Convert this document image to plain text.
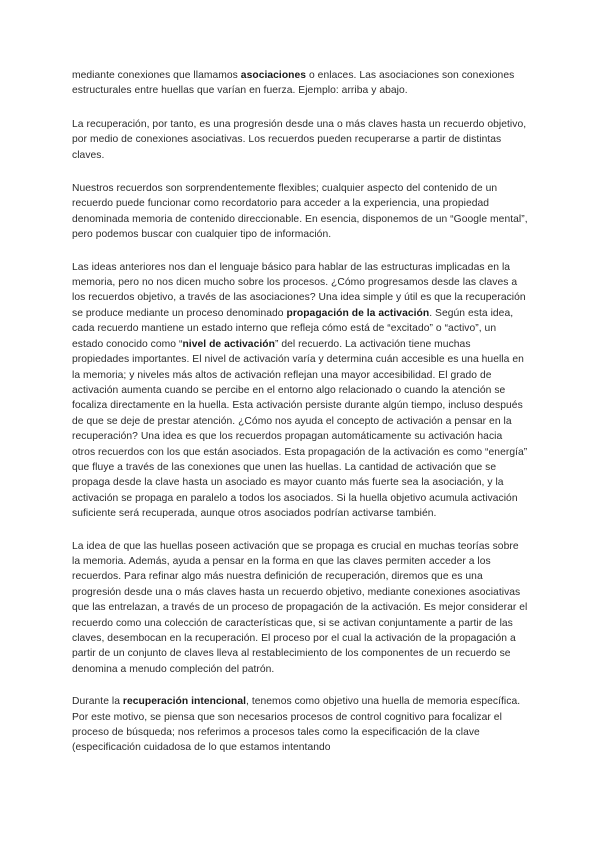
mediante conexiones que llamamos asociaciones o enlaces. Las asociaciones son conexiones estructurales entre huellas que varían en fuerza. Ejemplo: arriba y abajo.

La recuperación, por tanto, es una progresión desde una o más claves hasta un recuerdo objetivo, por medio de conexiones asociativas. Los recuerdos pueden recuperarse a partir de distintas claves.

Nuestros recuerdos son sorprendentemente flexibles; cualquier aspecto del contenido de un recuerdo puede funcionar como recordatorio para acceder a la experiencia, una propiedad denominada memoria de contenido direccionable. En esencia, disponemos de un “Google mental”, pero podemos buscar con cualquier tipo de información.

Las ideas anteriores nos dan el lenguaje básico para hablar de las estructuras implicadas en la memoria, pero no nos dicen mucho sobre los procesos. ¿Cómo progresamos desde las claves a los recuerdos objetivo, a través de las asociaciones? Una idea simple y útil es que la recuperación se produce mediante un proceso denominado propagación de la activación. Según esta idea, cada recuerdo mantiene un estado interno que refleja cómo está de “excitado” o “activo”, un estado conocido como “nivel de activación” del recuerdo. La activación tiene muchas propiedades importantes. El nivel de activación varía y determina cuán accesible es una huella en la memoria; y niveles más altos de activación reflejan una mayor accesibilidad. El grado de activación aumenta cuando se percibe en el entorno algo relacionado o cuando la atención se focaliza directamente en la huella. Esta activación persiste durante algún tiempo, incluso después de que se deje de prestar atención. ¿Cómo nos ayuda el concepto de activación a pensar en la recuperación? Una idea es que los recuerdos propagan automáticamente su activación hacia otros recuerdos con los que están asociados. Esta propagación de la activación es como “energía” que fluye a través de las conexiones que unen las huellas. La cantidad de activación que se propaga desde la clave hasta un asociado es mayor cuanto más fuerte sea la asociación, y la activación se propaga en paralelo a todos los asociados. Si la huella objetivo acumula activación suficiente será recuperada, aunque otros asociados podrían activarse también.

La idea de que las huellas poseen activación que se propaga es crucial en muchas teorías sobre la memoria. Además, ayuda a pensar en la forma en que las claves permiten acceder a los recuerdos. Para refinar algo más nuestra definición de recuperación, diremos que es una progresión desde una o más claves hasta un recuerdo objetivo, mediante conexiones asociativas que las entrelazan, a través de un proceso de propagación de la activación. Es mejor considerar el recuerdo como una colección de características que, si se activan conjuntamente a partir de las claves, desembocan en la recuperación. El proceso por el cual la activación de la propagación a partir de un conjunto de claves lleva al restablecimiento de los componentes de un recuerdo se denomina a menudo compleción del patrón.

Durante la recuperación intencional, tenemos como objetivo una huella de memoria específica. Por este motivo, se piensa que son necesarios procesos de control cognitivo para focalizar el proceso de búsqueda; nos referimos a procesos tales como la especificación de la clave (especificación cuidadosa de lo que estamos intentando
